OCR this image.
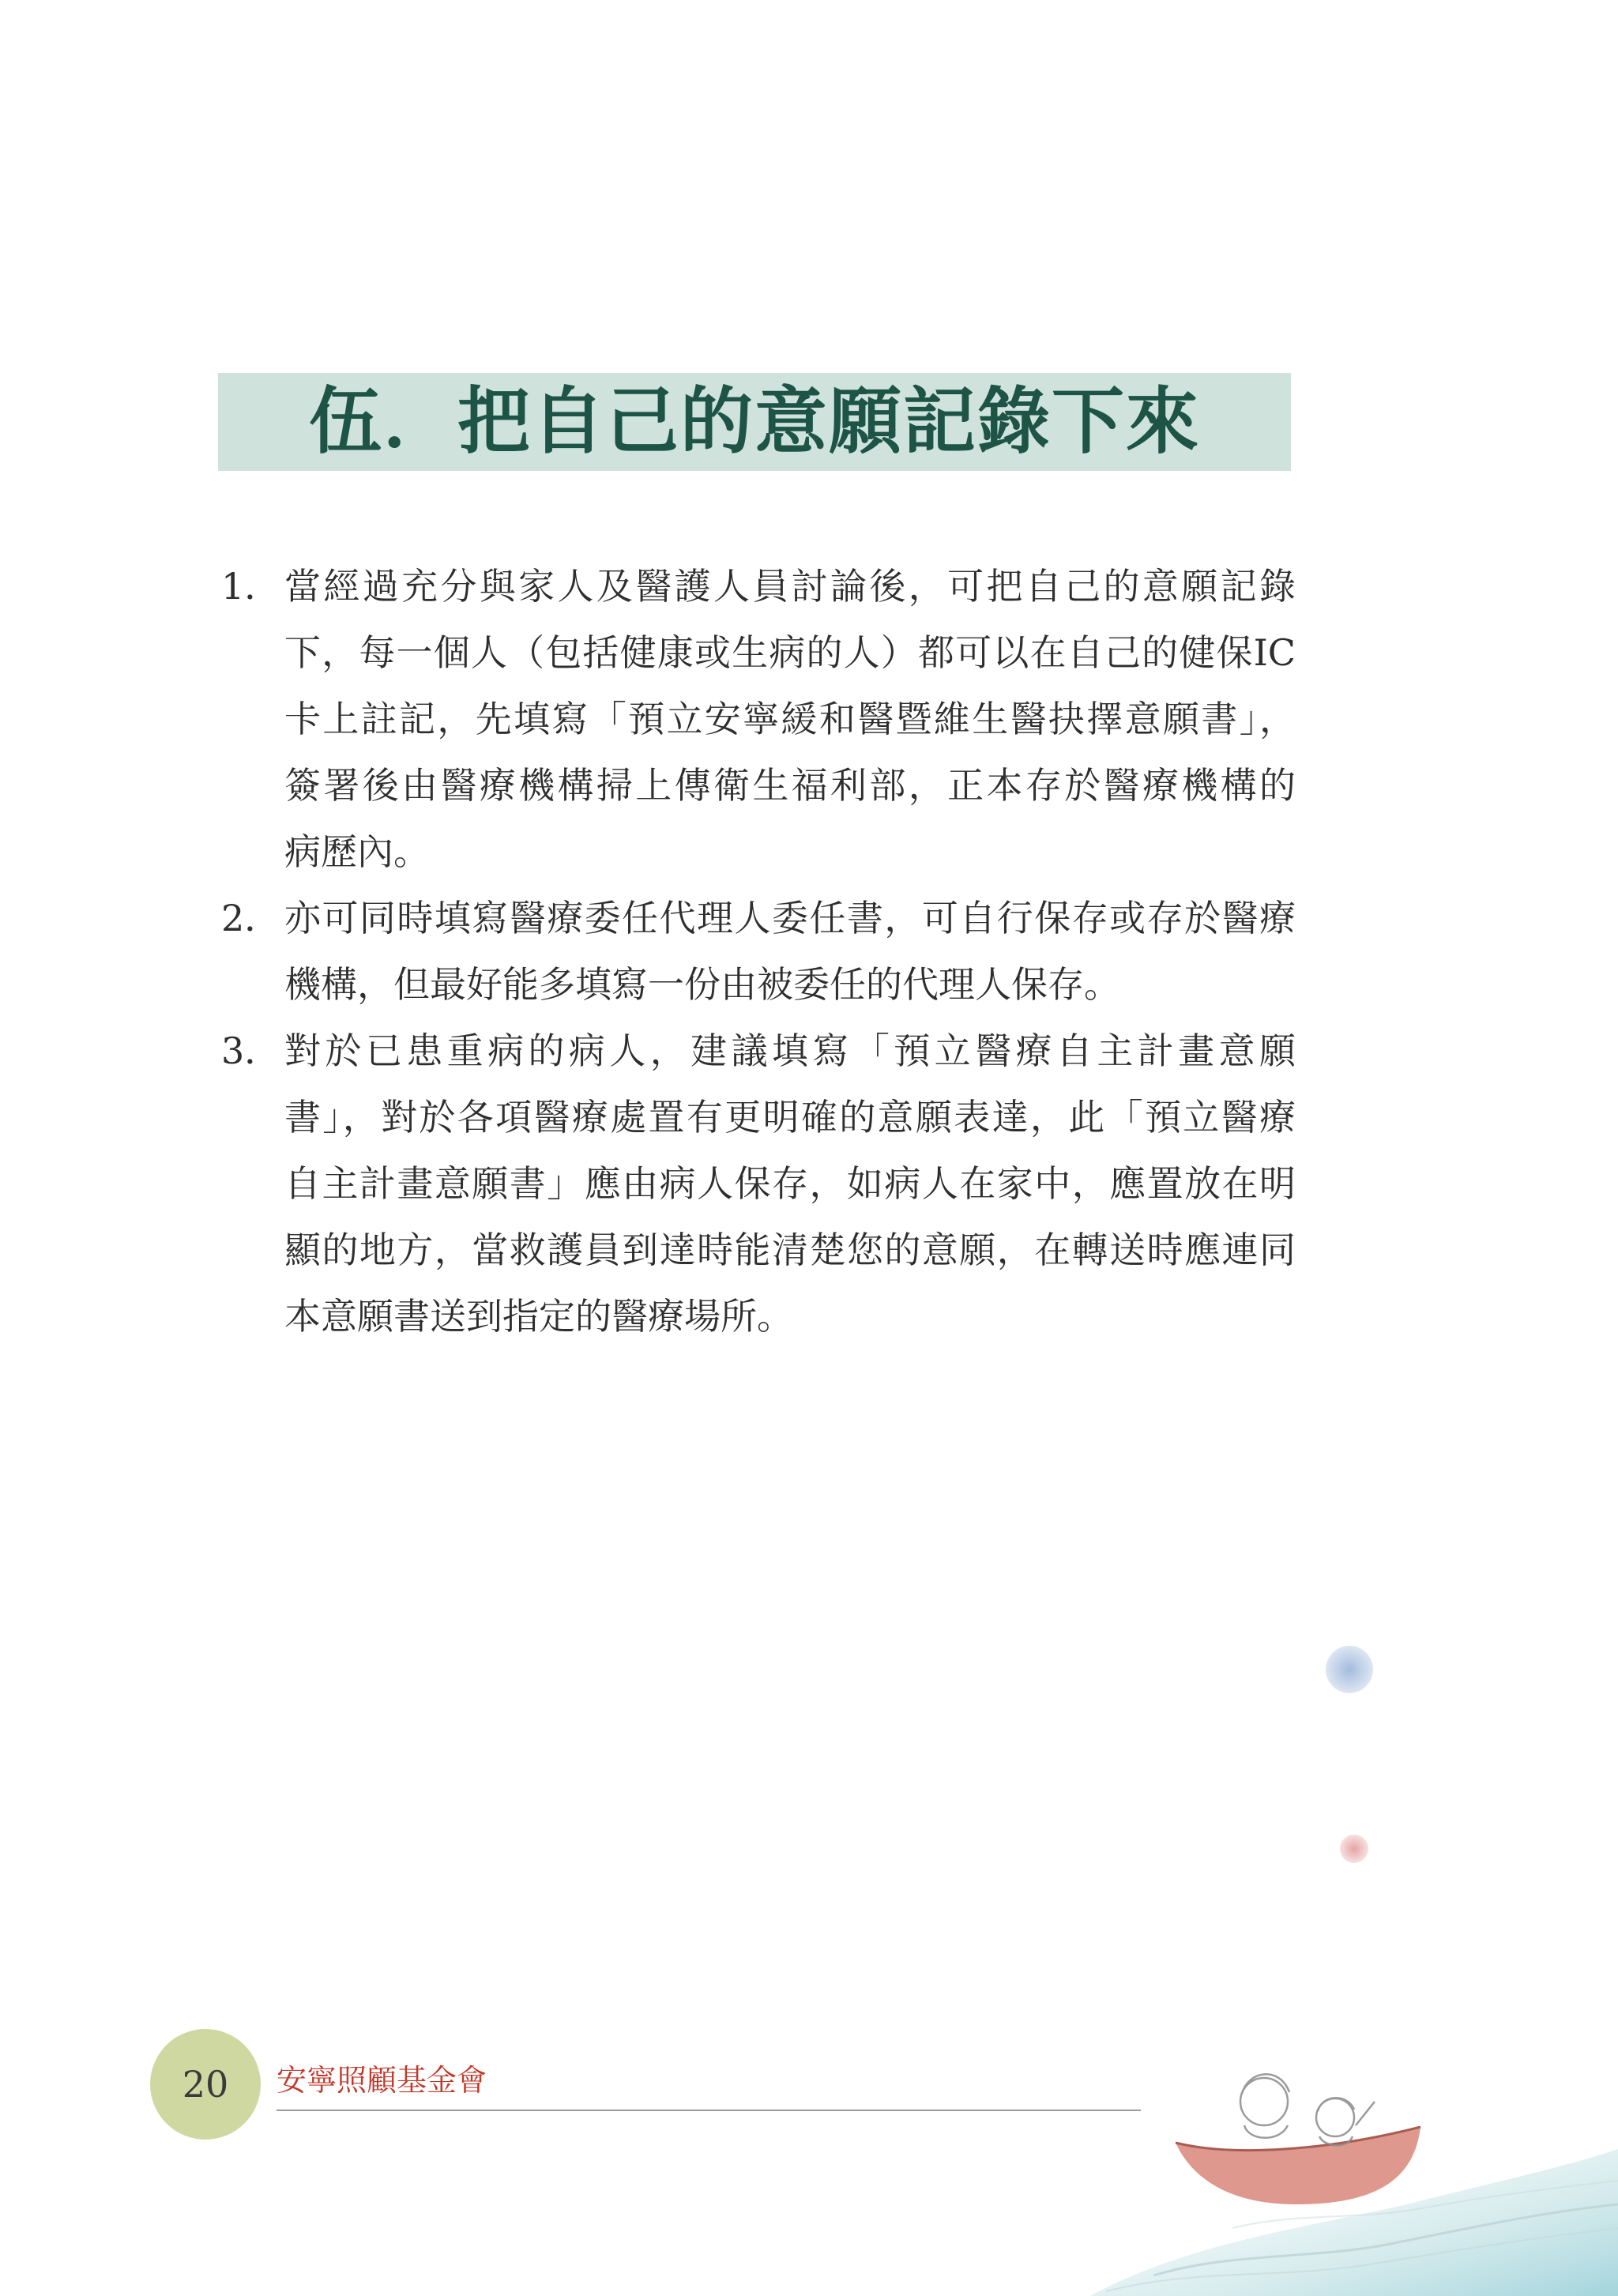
伍．把自己的意願記錄下來
1． 當經過充分與家人及醫護人員討論後，可把自己的意願記錄
下，每一個人（包括健康或生病的人）都可以在自己的健保IC
卡上註記，先填寫「預立安寧緩和醫暨維生醫抉擇意願書」，
簽署後由醫療機構掃上傳衛生福利部，正本存於醫療機構的
病歷內。
2． 亦可同時填寫醫療委任代理人委任書，可自行保存或存於醫療
機構，但最好能多填寫一份由被委任的代理人保存。
3． 對於已患重病的病人，建議填寫「預立醫療自主計畫意願
書」，對於各項醫療處置有更明確的意願表達，此「預立醫療
自主計畫意願書」應由病人保存，如病人在家中，應置放在明
顯的地方，當救護員到達時能清楚您的意願，在轉送時應連同
本意願書送到指定的醫療場所。
20	安寧照顧基金會
